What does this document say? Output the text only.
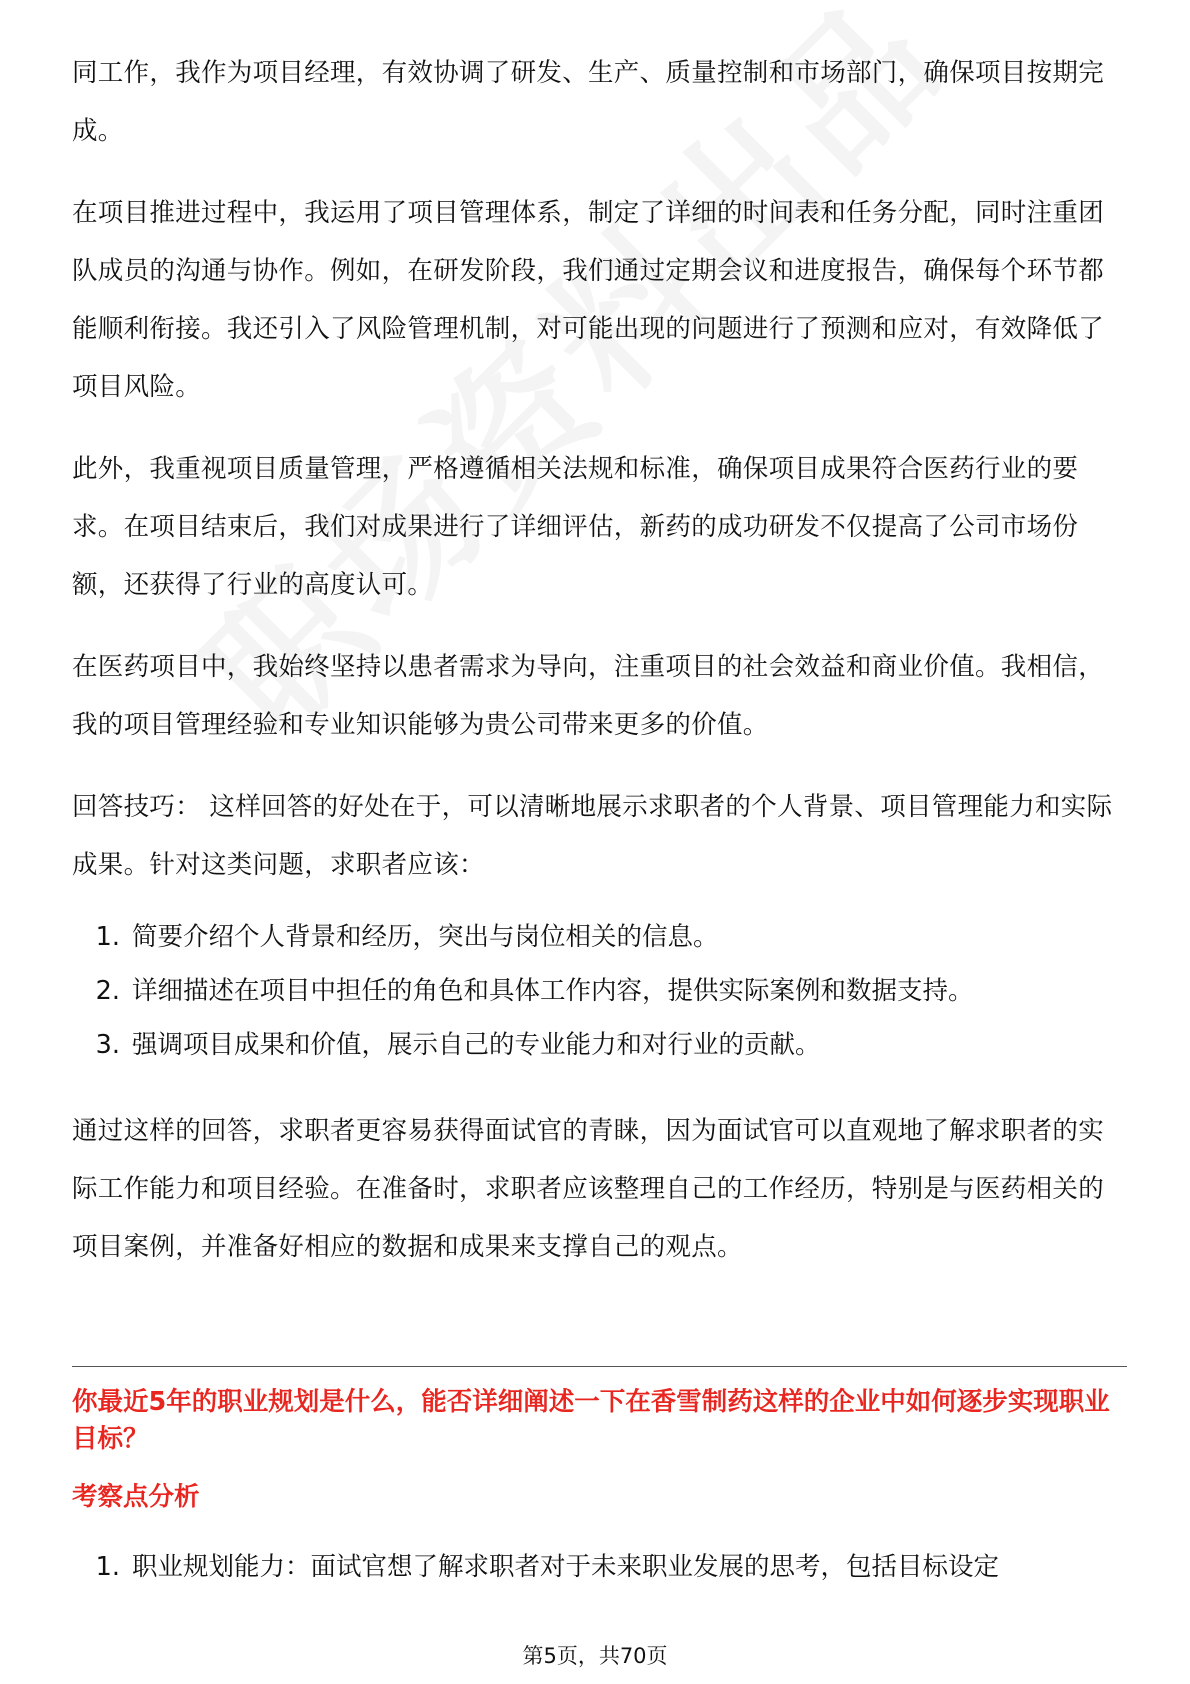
同工作，我作为项目经理，有效协调了研发、生产、质量控制和市场部门，确保项目按期完成。

在项目推进过程中，我运用了项目管理体系，制定了详细的时间表和任务分配，同时注重团队成员的沟通与协作。例如，在研发阶段，我们通过定期会议和进度报告，确保每个环节都能顺利衔接。我还引入了风险管理机制，对可能出现的问题进行了预测和应对，有效降低了项目风险。

此外，我重视项目质量管理，严格遵循相关法规和标准，确保项目成果符合医药行业的要求。在项目结束后，我们对成果进行了详细评估，新药的成功研发不仅提高了公司市场份额，还获得了行业的高度认可。

在医药项目中，我始终坚持以患者需求为导向，注重项目的社会效益和商业价值。我相信，我的项目管理经验和专业知识能够为贵公司带来更多的价值。

回答技巧： 这样回答的好处在于，可以清晰地展示求职者的个人背景、项目管理能力和实际成果。针对这类问题，求职者应该：

1. 简要介绍个人背景和经历，突出与岗位相关的信息。
2. 详细描述在项目中担任的角色和具体工作内容，提供实际案例和数据支持。
3. 强调项目成果和价值，展示自己的专业能力和对行业的贡献。

通过这样的回答，求职者更容易获得面试官的青睐，因为面试官可以直观地了解求职者的实际工作能力和项目经验。在准备时，求职者应该整理自己的工作经历，特别是与医药相关的项目案例，并准备好相应的数据和成果来支撑自己的观点。

你最近5年的职业规划是什么，能否详细阐述一下在香雪制药这样的企业中如何逐步实现职业目标？
考察点分析
1. 职业规划能力：面试官想了解求职者对于未来职业发展的思考，包括目标设定
第5页，共70页
